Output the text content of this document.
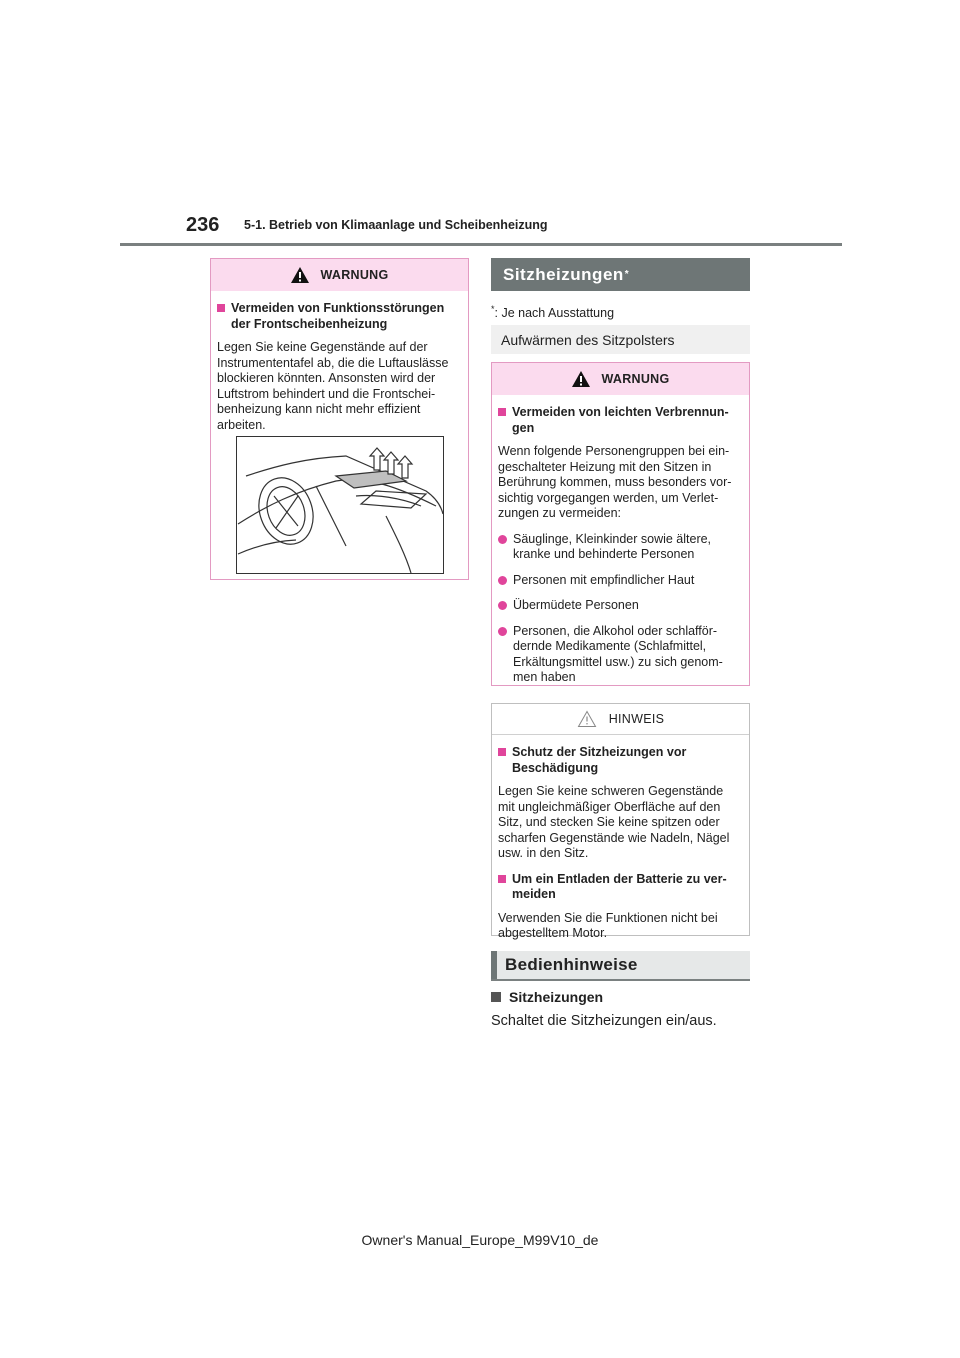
236 5-1. Betrieb von Klimaanlage und Scheibenheizung
WARNUNG
Vermeiden von Funktionsstörungen der Frontscheibenheizung
Legen Sie keine Gegenstände auf der Instrumententafel ab, die die Luftauslässe blockieren könnten. Ansonsten wird der Luftstrom behindert und die Frontschei-benheizung kann nicht mehr effizient arbeiten.
Sitzheizungen *
*: Je nach Ausstattung
Aufwärmen des Sitzpolsters
WARNUNG
Vermeiden von leichten Verbrennun-gen
Wenn folgende Personengruppen bei ein-geschalteter Heizung mit den Sitzen in Berührung kommen, muss besonders vor-sichtig vorgegangen werden, um Verlet-zungen zu vermeiden:
Säuglinge, Kleinkinder sowie ältere, kranke und behinderte Personen
Personen mit empfindlicher Haut
Übermüdete Personen
Personen, die Alkohol oder schlafför-dernde Medikamente (Schlafmittel, Erkältungsmittel usw.) zu sich genom-men haben
HINWEIS
Schutz der Sitzheizungen vor Beschädigung
Legen Sie keine schweren Gegenstände mit ungleichmäßiger Oberfläche auf den Sitz, und stecken Sie keine spitzen oder scharfen Gegenstände wie Nadeln, Nägel usw. in den Sitz.
Um ein Entladen der Batterie zu ver-meiden
Verwenden Sie die Funktionen nicht bei abgestelltem Motor.
Bedienhinweise
Sitzheizungen
Schaltet die Sitzheizungen ein/aus.
Owner's Manual_Europe_M99V10_de
